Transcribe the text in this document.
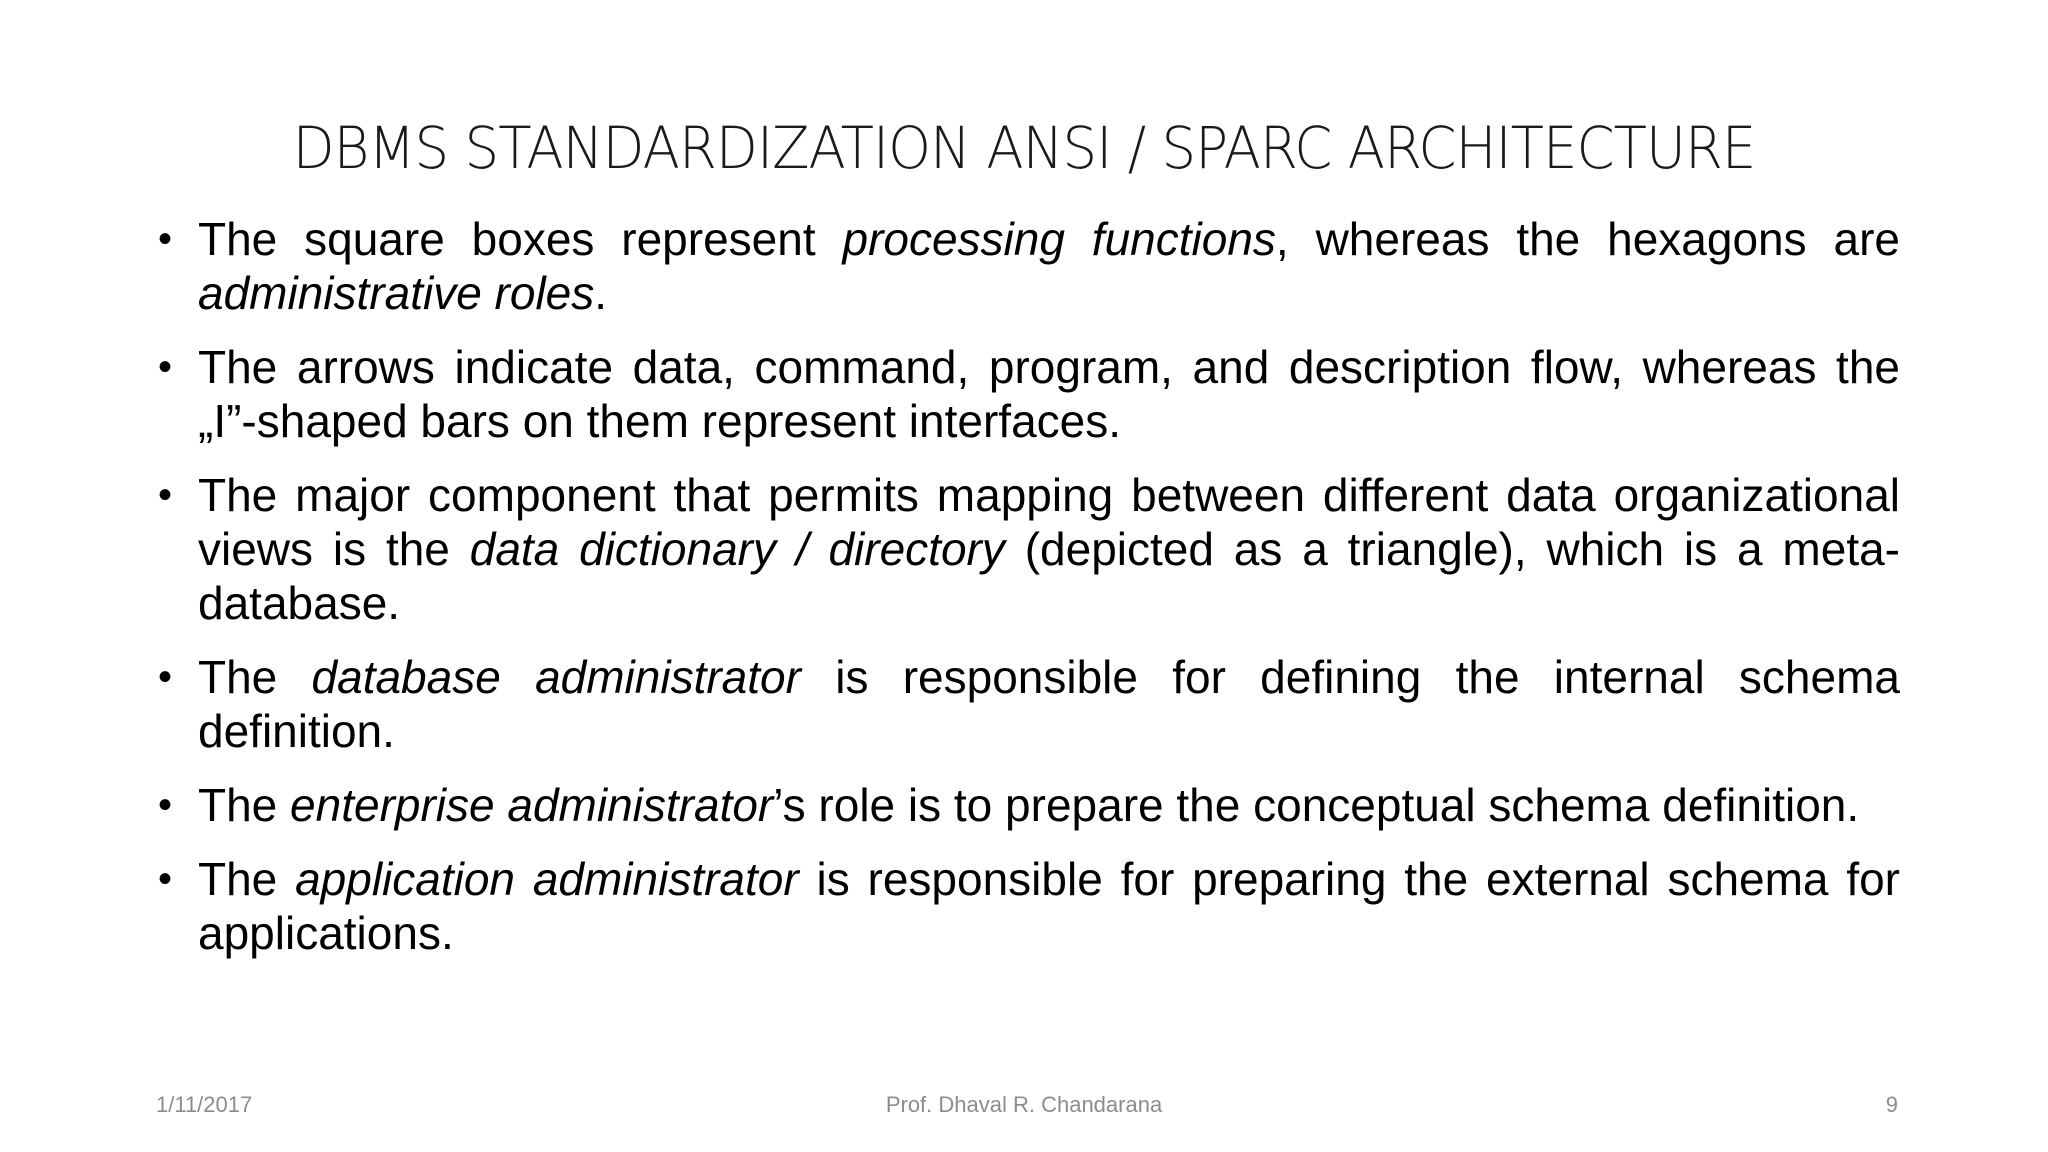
DBMS STANDARDIZATION ANSI / SPARC ARCHITECTURE
• The square boxes represent processing functions, whereas the hexagons are administrative roles.
• The arrows indicate data, command, program, and description flow, whereas the „I”-shaped bars on them represent interfaces.
• The major component that permits mapping between different data organizational views is the data dictionary / directory (depicted as a triangle), which is a meta-database.
• The database administrator is responsible for defining the internal schema definition.
• The enterprise administrator’s role is to prepare the conceptual schema definition.
• The application administrator is responsible for preparing the external schema for applications.
1/11/2017	Prof. Dhaval R. Chandarana	9
